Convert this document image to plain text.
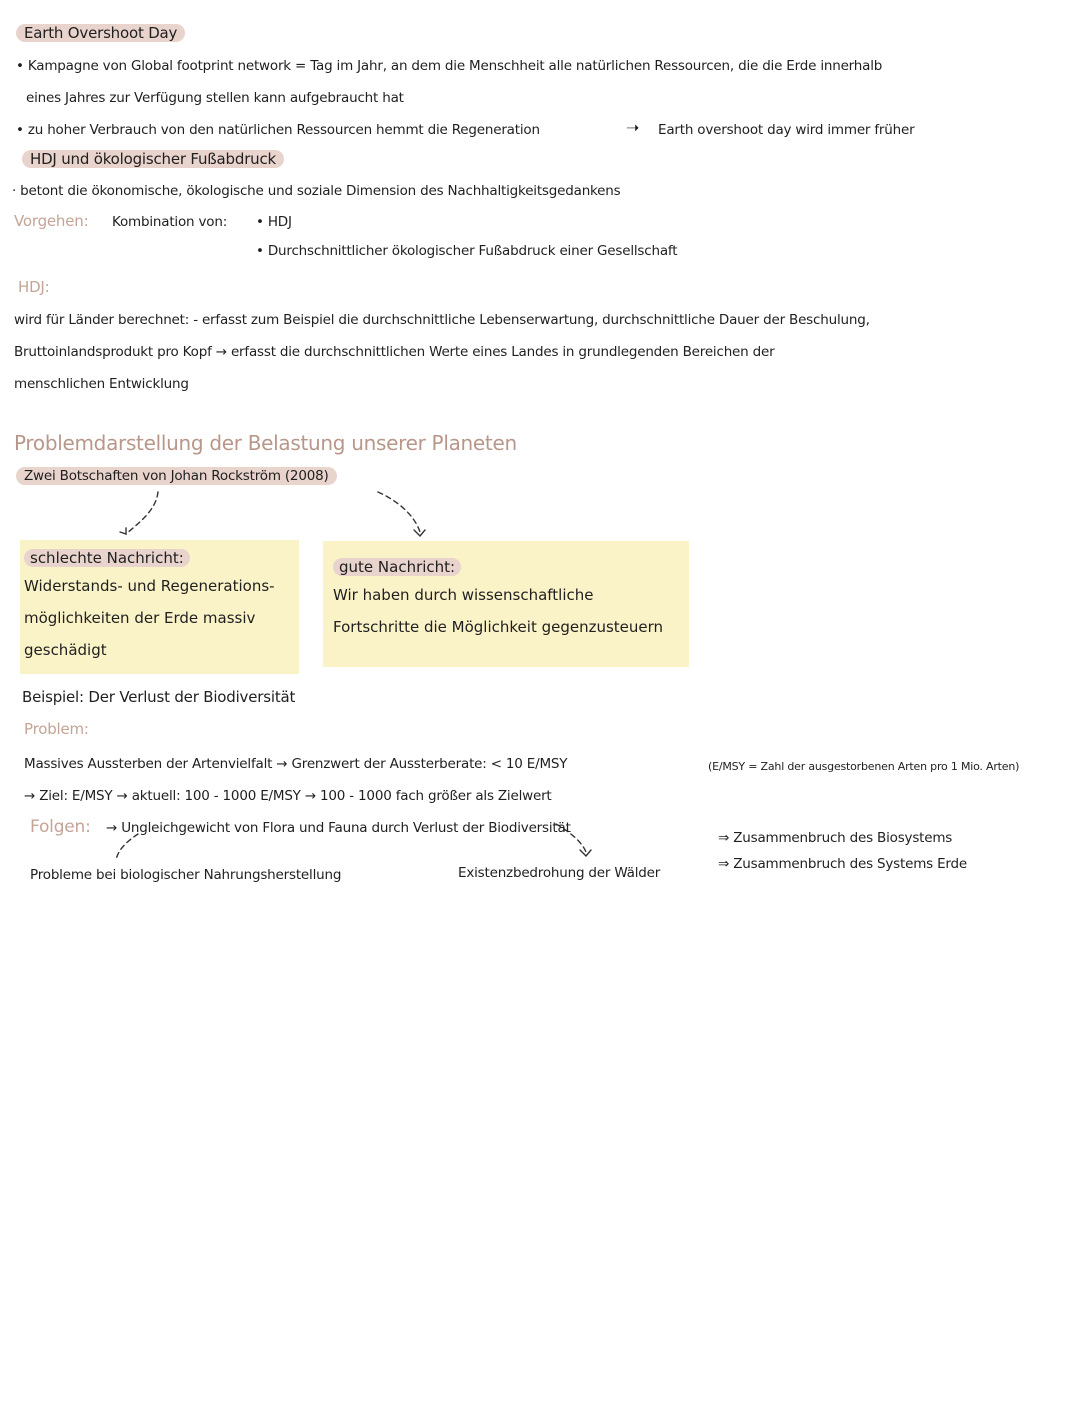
Earth Overshoot Day
• Kampagne von Global footprint network = Tag im Jahr, an dem die Menschheit alle natürlichen Ressourcen, die die Erde innerhalb
eines Jahres zur Verfügung stellen kann aufgebraucht hat
• zu hoher Verbrauch von den natürlichen Ressourcen hemmt die Regeneration	➝ Earth overshoot day wird immer früher
HDJ und ökologischer Fußabdruck
· betont die ökonomische, ökologische und soziale Dimension des Nachhaltigkeitsgedankens
Vorgehen: Kombination von: • HDJ
• Durchschnittlicher ökologischer Fußabdruck einer Gesellschaft
HDJ:
wird für Länder berechnet: - erfasst zum Beispiel die durchschnittliche Lebenserwartung, durchschnittliche Dauer der Beschulung,
Bruttoinlandsprodukt pro Kopf → erfasst die durchschnittlichen Werte eines Landes in grundlegenden Bereichen der
menschlichen Entwicklung
Problemdarstellung der Belastung unserer Planeten
Zwei Botschaften von Johan Rockström (2008)
schlechte Nachricht:
Widerstands- und Regenerations-
möglichkeiten der Erde massiv
geschädigt
gute Nachricht:
Wir haben durch wissenschaftliche
Fortschritte die Möglichkeit gegenzusteuern
Beispiel: Der Verlust der Biodiversität
Problem:
Massives Aussterben der Artenvielfalt → Grenzwert der Aussterberate: < 10 E/MSY	(E/MSY = Zahl der ausgestorbenen Arten pro 1 Mio. Arten)
→ Ziel: E/MSY → aktuell: 100 - 1000 E/MSY → 100 - 1000 fach größer als Zielwert
Folgen: → Ungleichgewicht von Flora und Fauna durch Verlust der Biodiversität
Probleme bei biologischer Nahrungsherstellung	Existenzbedrohung der Wälder
⇒ Zusammenbruch des Biosystems
⇒ Zusammenbruch des Systems Erde
